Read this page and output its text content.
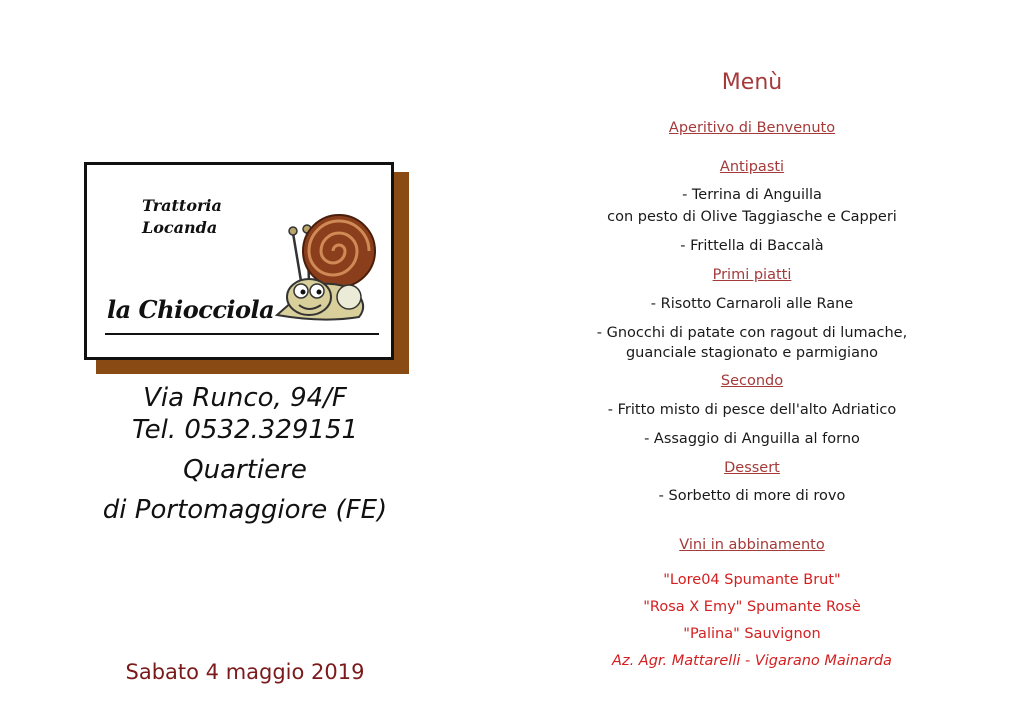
Trattoria
Locanda
la Chiocciola
Via Runco, 94/F
Tel. 0532.329151
Quartiere
di Portomaggiore (FE)
Sabato 4 maggio 2019
Menù
Aperitivo di Benvenuto
Antipasti
- Terrina di Anguilla
con pesto di Olive Taggiasche e Capperi
- Frittella di Baccalà
Primi piatti
- Risotto Carnaroli alle Rane
- Gnocchi di patate con ragout di lumache,
guanciale stagionato e parmigiano
Secondo
- Fritto misto di pesce dell'alto Adriatico
- Assaggio di Anguilla al forno
Dessert
- Sorbetto di more di rovo
Vini in abbinamento
"Lore04 Spumante Brut"
"Rosa X Emy" Spumante Rosè
"Palina" Sauvignon
Az. Agr. Mattarelli - Vigarano Mainarda
